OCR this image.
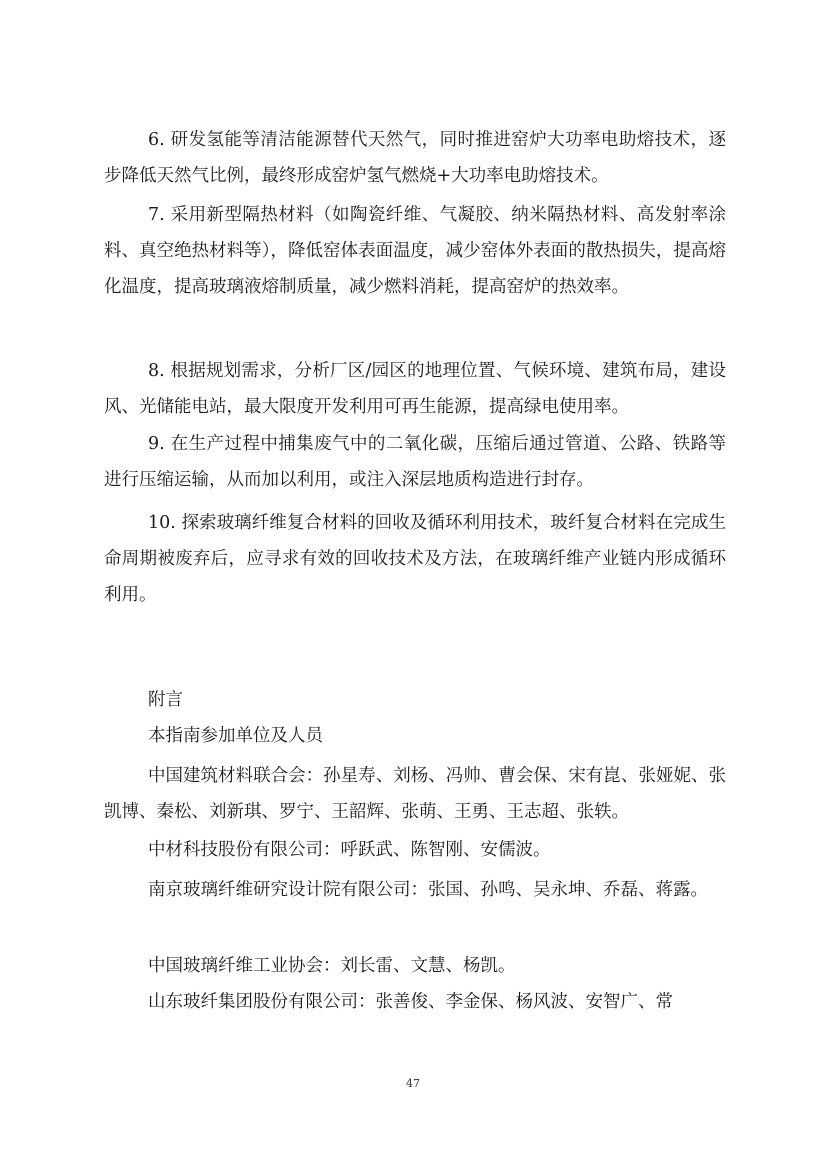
6. 研发氢能等清洁能源替代天然气，同时推进窑炉大功率电助熔技术，逐步降低天然气比例，最终形成窑炉氢气燃烧+大功率电助熔技术。

7. 采用新型隔热材料（如陶瓷纤维、气凝胶、纳米隔热材料、高发射率涂料、真空绝热材料等），降低窑体表面温度，减少窑体外表面的散热损失，提高熔化温度，提高玻璃液熔制质量，减少燃料消耗，提高窑炉的热效率。

8. 根据规划需求，分析厂区/园区的地理位置、气候环境、建筑布局，建设风、光储能电站，最大限度开发利用可再生能源，提高绿电使用率。

9. 在生产过程中捕集废气中的二氧化碳，压缩后通过管道、公路、铁路等进行压缩运输，从而加以利用，或注入深层地质构造进行封存。

10. 探索玻璃纤维复合材料的回收及循环利用技术，玻纤复合材料在完成生命周期被废弃后，应寻求有效的回收技术及方法，在玻璃纤维产业链内形成循环利用。

附言

本指南参加单位及人员

中国建筑材料联合会：孙星寿、刘杨、冯帅、曹会保、宋有崑、张娅妮、张凯博、秦松、刘新琪、罗宁、王韶辉、张萌、王勇、王志超、张轶。

中材科技股份有限公司：呼跃武、陈智刚、安儒波。

南京玻璃纤维研究设计院有限公司：张国、孙鸣、吴永坤、乔磊、蒋露。

中国玻璃纤维工业协会：刘长雷、文慧、杨凯。

山东玻纤集团股份有限公司：张善俊、李金保、杨风波、安智广、常

47
